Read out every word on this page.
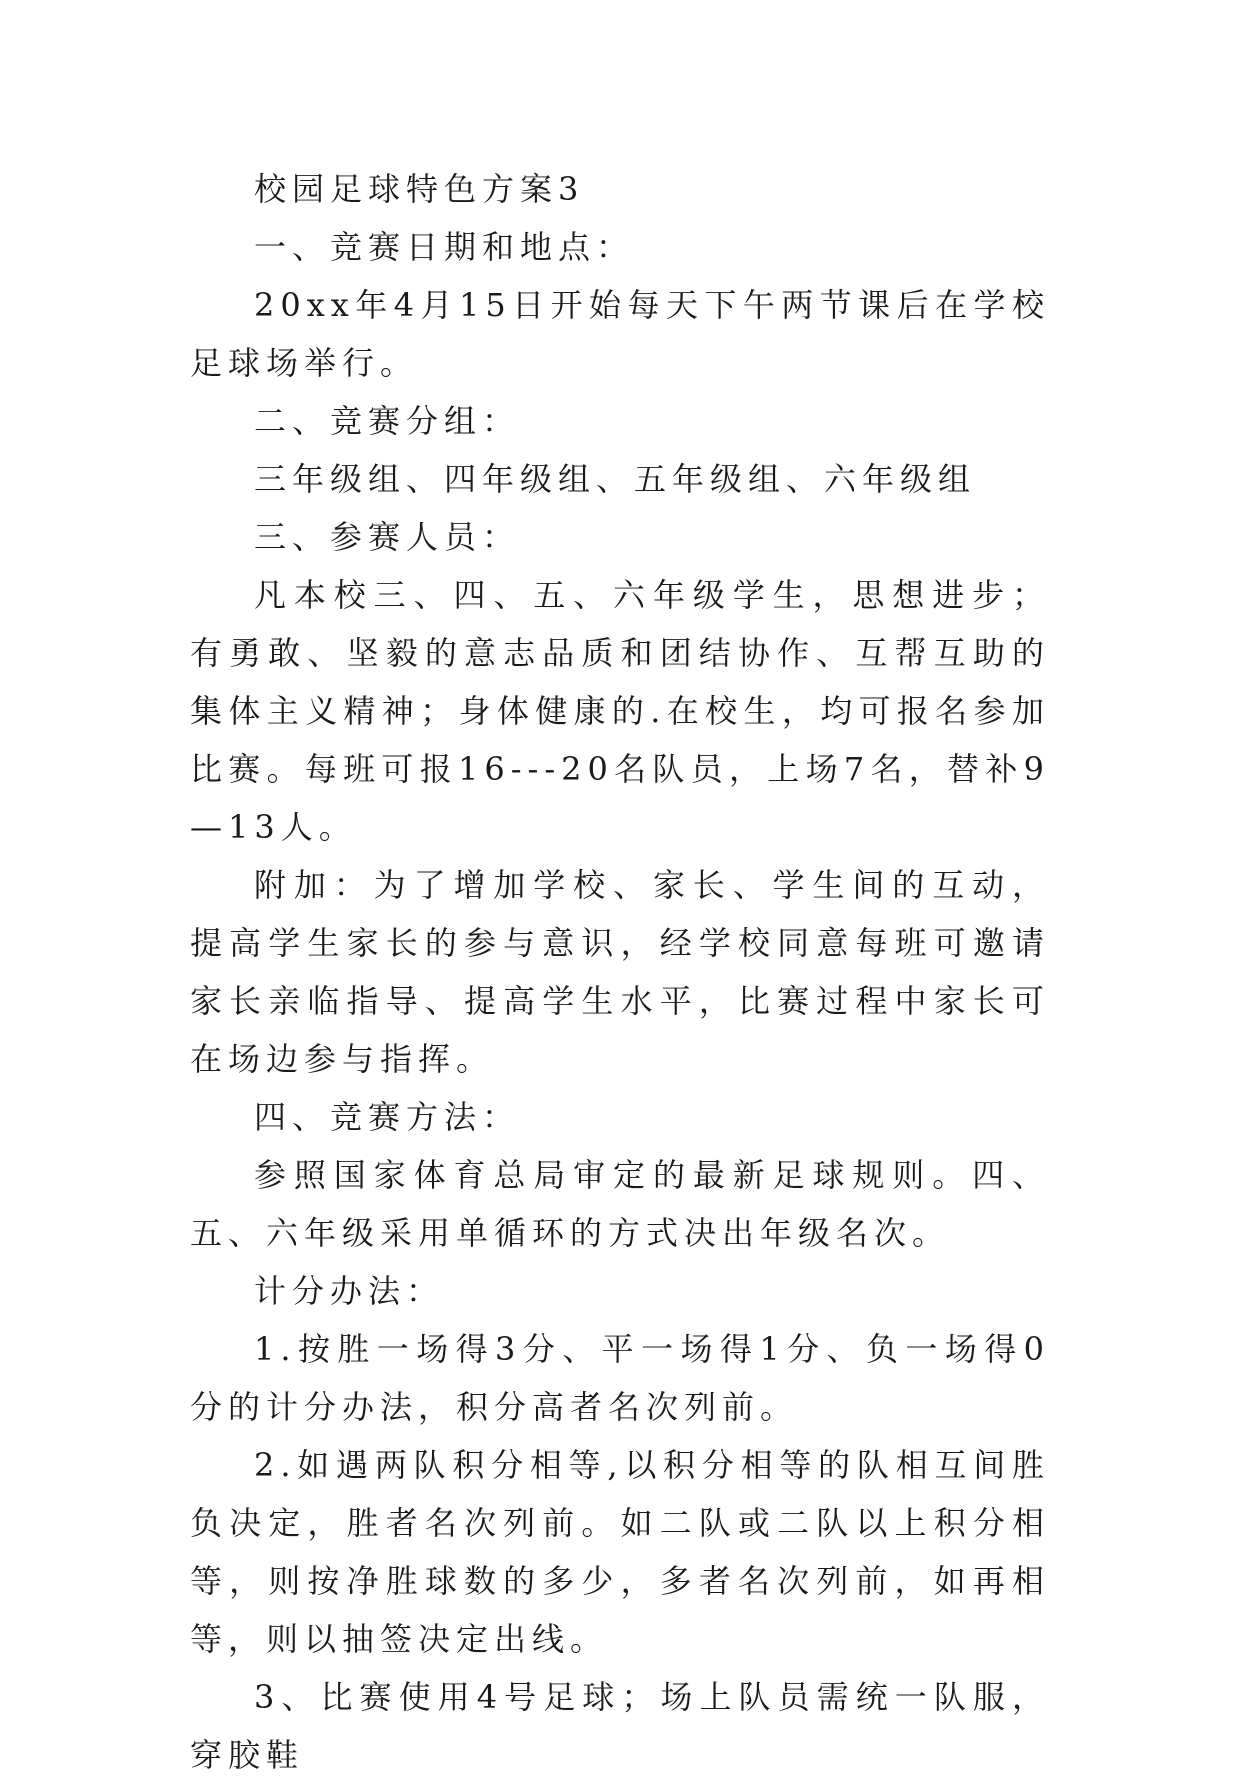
校园足球特色方案3

一、竞赛日期和地点：

20xx年4月15日开始每天下午两节课后在学校足球场举行。

二、竞赛分组：

三年级组、四年级组、五年级组、六年级组

三、参赛人员：

凡本校三、四、五、六年级学生，思想进步；有勇敢、坚毅的意志品质和团结协作、互帮互助的集体主义精神；身体健康的.在校生，均可报名参加比赛。每班可报16---20名队员，上场7名，替补9—13人。

附加：为了增加学校、家长、学生间的互动，提高学生家长的参与意识，经学校同意每班可邀请家长亲临指导、提高学生水平，比赛过程中家长可在场边参与指挥。

四、竞赛方法：

参照国家体育总局审定的最新足球规则。四、五、六年级采用单循环的方式决出年级名次。

计分办法：

1.按胜一场得3分、平一场得1分、负一场得0分的计分办法，积分高者名次列前。

2.如遇两队积分相等,以积分相等的队相互间胜负决定，胜者名次列前。如二队或二队以上积分相等，则按净胜球数的多少，多者名次列前，如再相等，则以抽签决定出线。

3、比赛使用4号足球；场上队员需统一队服，穿胶鞋
